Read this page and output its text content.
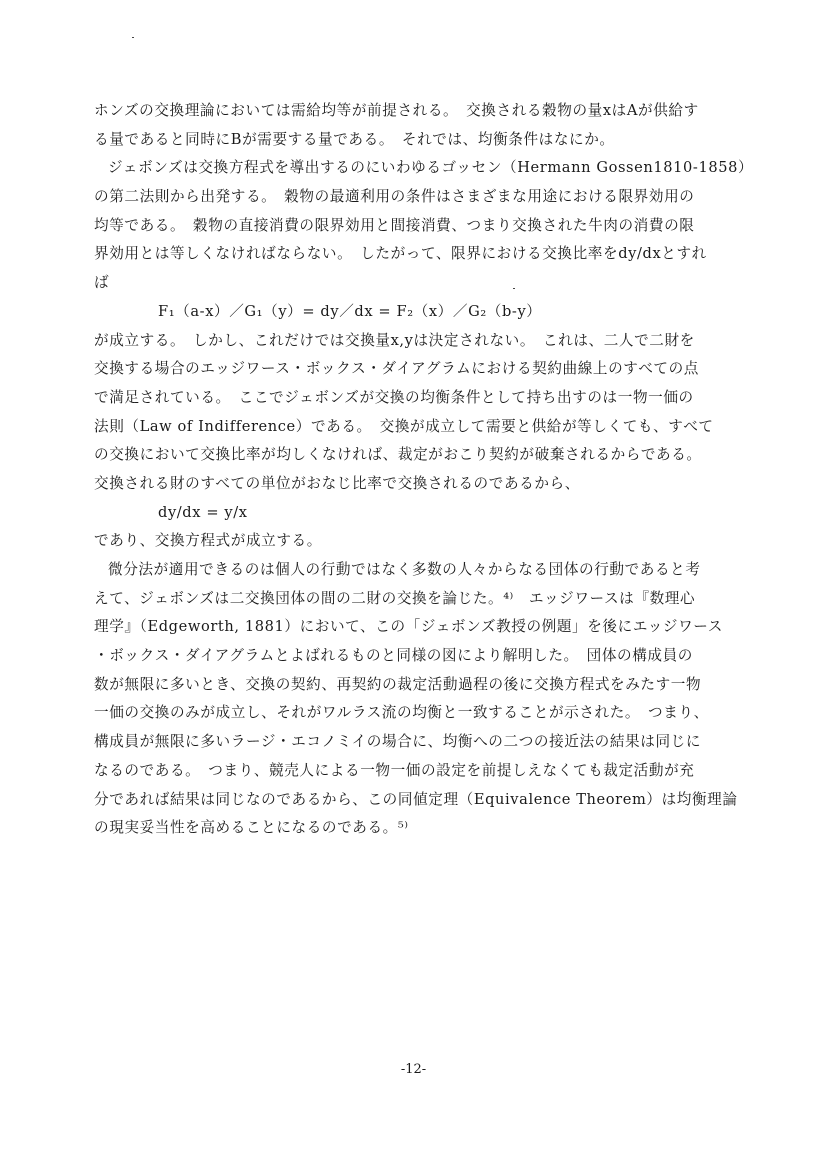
ホンズの交換理論においては需給均等が前提される。　交換される穀物の量xはAが供給す
る量であると同時にBが需要する量である。　それでは、均衡条件はなにか。
ジェボンズは交換方程式を導出するのにいわゆるゴッセン（Hermann Gossen1810-1858）
の第二法則から出発する。　穀物の最適利用の条件はさまざまな用途における限界効用の
均等である。　穀物の直接消費の限界効用と間接消費、つまり交換された牛肉の消費の限
界効用とは等しくなければならない。　したがって、限界における交換比率をdy/dxとすれ
ば
F₁（a-x）／G₁（y）= dy／dx = F₂（x）／G₂（b-y）
が成立する。　しかし、これだけでは交換量x,yは決定されない。　これは、二人で二財を
交換する場合のエッジワース・ボックス・ダイアグラムにおける契約曲線上のすべての点
で満足されている。　ここでジェボンズが交換の均衡条件として持ち出すのは一物一価の
法則（Law of Indifference）である。　交換が成立して需要と供給が等しくても、すべて
の交換において交換比率が均しくなければ、裁定がおこり契約が破棄されるからである。
交換される財のすべての単位がおなじ比率で交換されるのであるから、
dy/dx = y/x
であり、交換方程式が成立する。
微分法が適用できるのは個人の行動ではなく多数の人々からなる団体の行動であると考
えて、ジェボンズは二交換団体の間の二財の交換を論じた。⁴⁾　エッジワースは『数理心
理学』（Edgeworth, 1881）において、この「ジェボンズ教授の例題」を後にエッジワース
・ボックス・ダイアグラムとよばれるものと同様の図により解明した。　団体の構成員の
数が無限に多いとき、交換の契約、再契約の裁定活動過程の後に交換方程式をみたす一物
一価の交換のみが成立し、それがワルラス流の均衡と一致することが示された。　つまり、
構成員が無限に多いラージ・エコノミイの場合に、均衡への二つの接近法の結果は同じに
なるのである。　つまり、競売人による一物一価の設定を前提しえなくても裁定活動が充
分であれば結果は同じなのであるから、この同値定理（Equivalence Theorem）は均衡理論
の現実妥当性を高めることになるのである。⁵⁾
-12-
